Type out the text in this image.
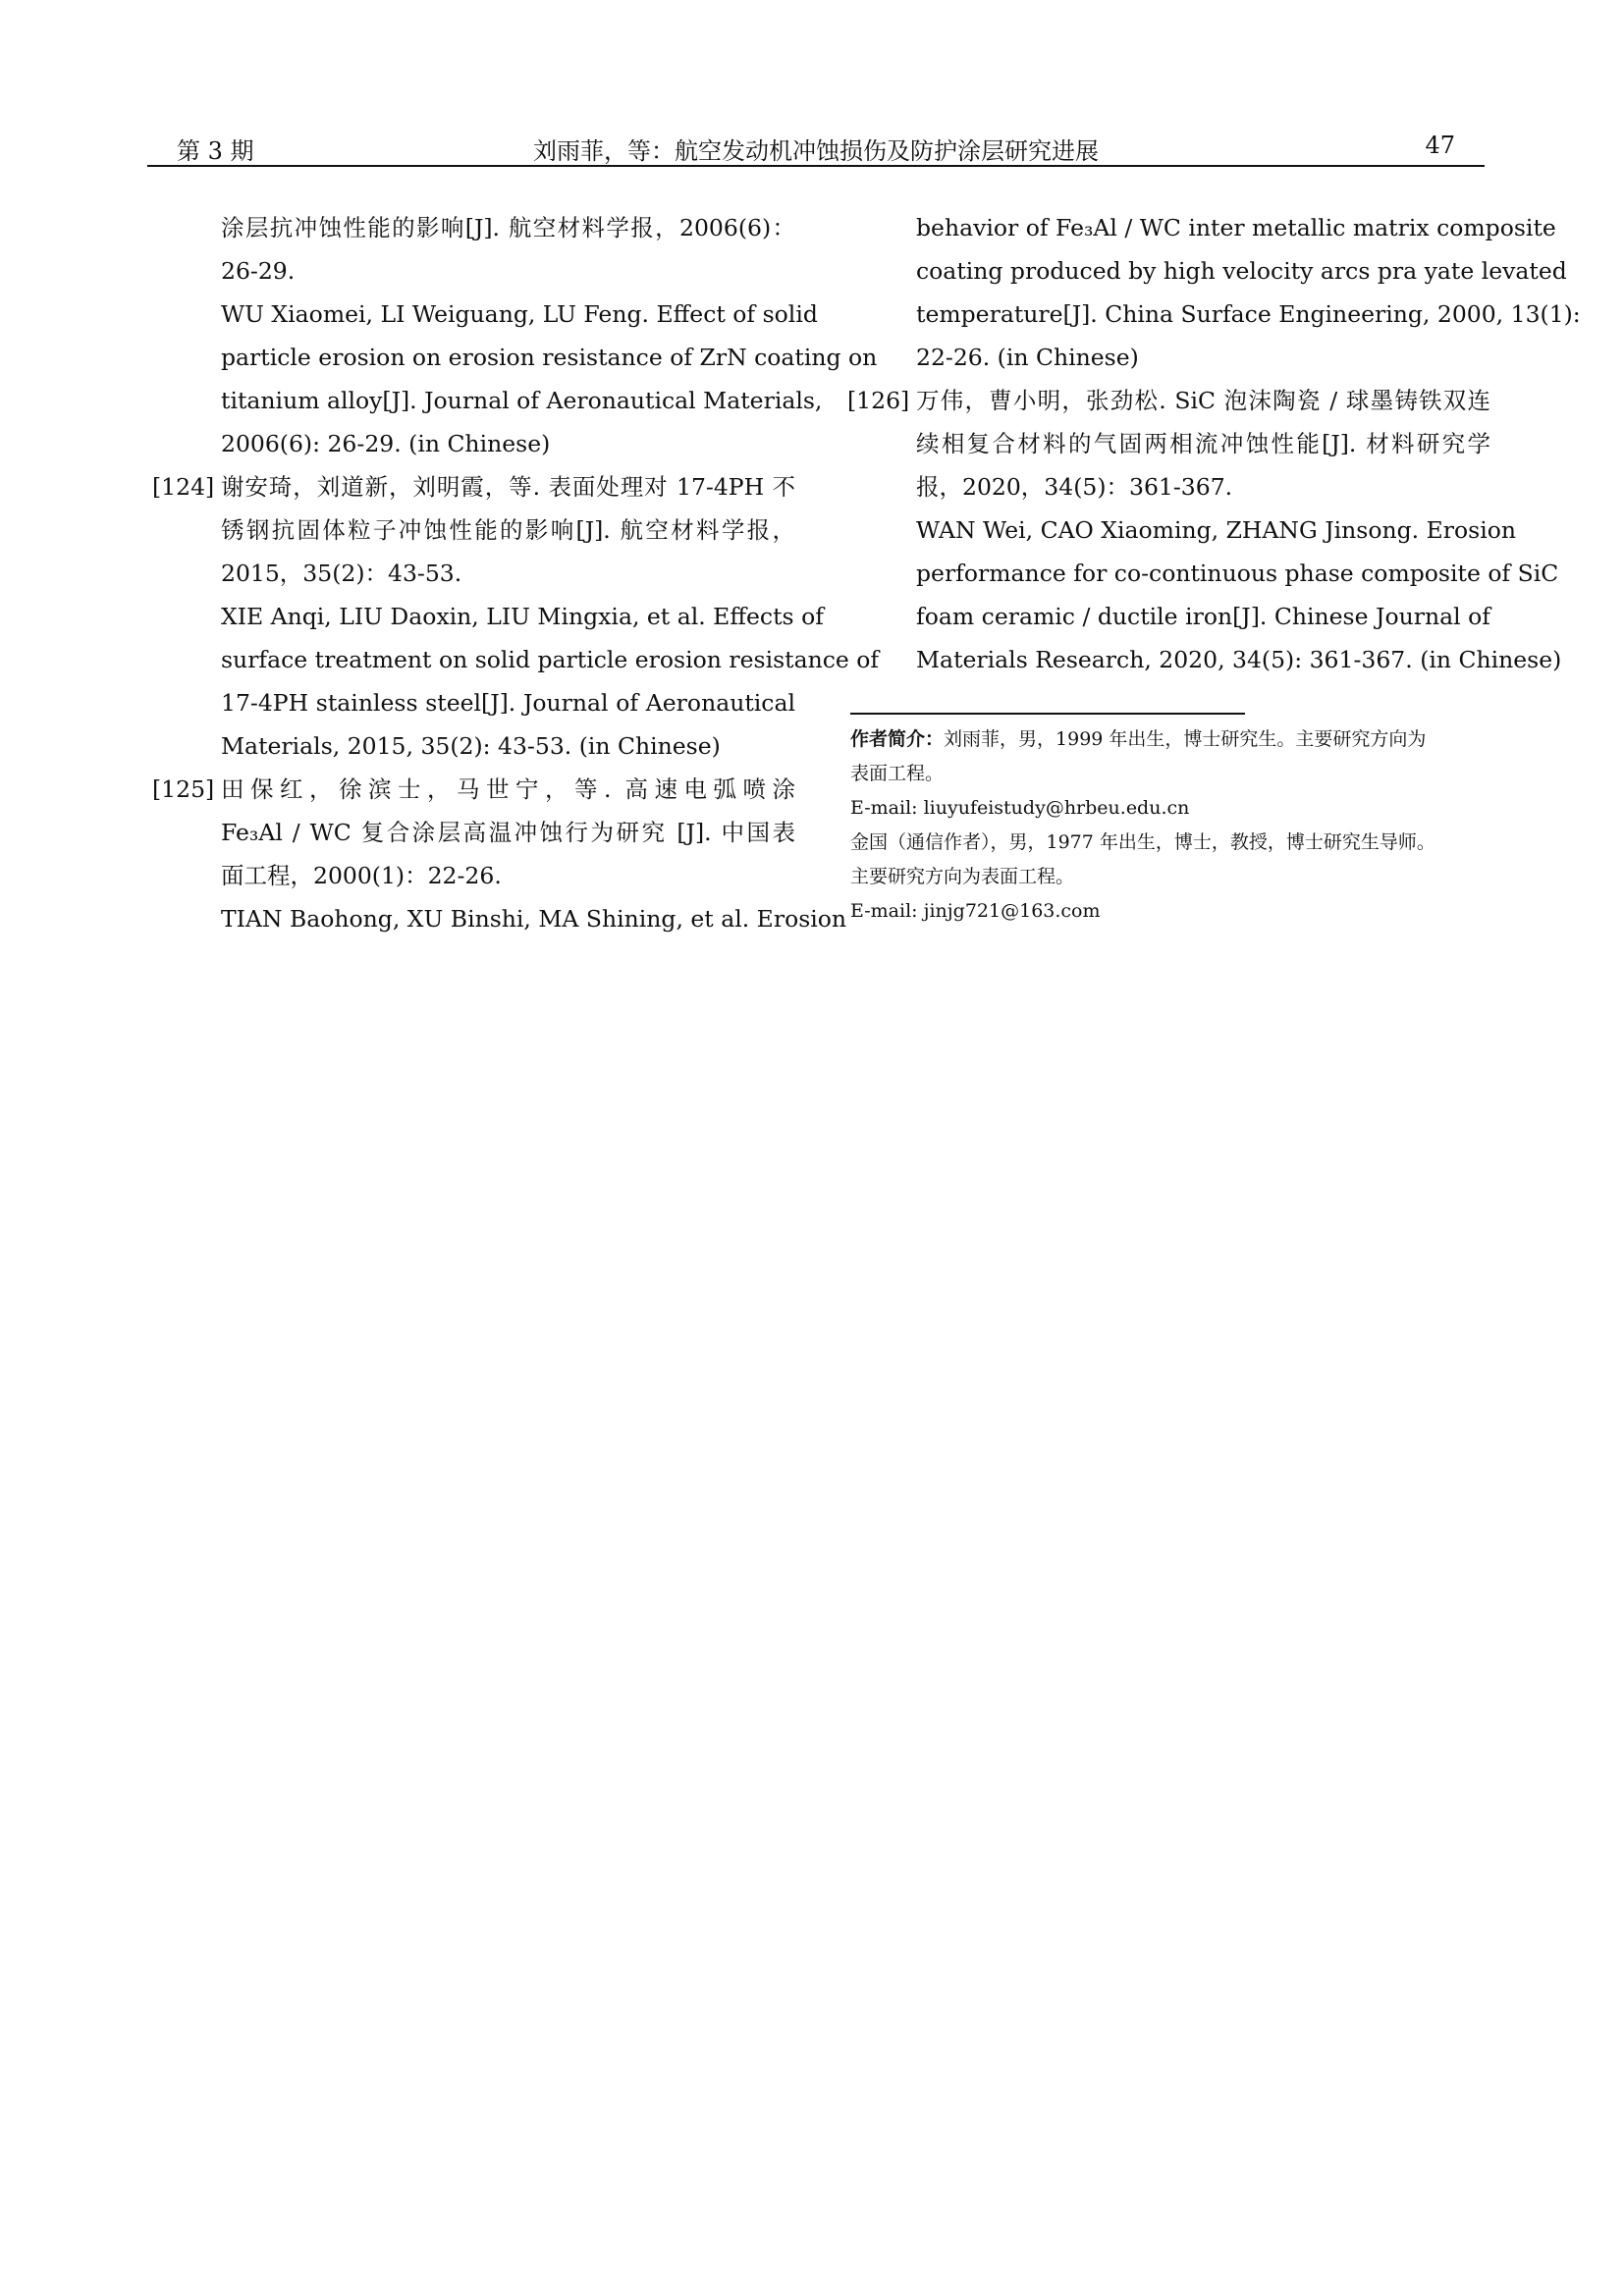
第 3 期	刘雨菲，等：航空发动机冲蚀损伤及防护涂层研究进展	47
涂层抗冲蚀性能的影响[J]. 航空材料学报，2006(6)：
26-29.
WU Xiaomei, LI Weiguang, LU Feng. Effect of solid
particle erosion on erosion resistance of ZrN coating on
titanium alloy[J]. Journal of Aeronautical Materials,
2006(6): 26-29. (in Chinese)
[124] 谢安琦，刘道新，刘明霞，等. 表面处理对 17-4PH 不
锈钢抗固体粒子冲蚀性能的影响[J]. 航空材料学报，
2015，35(2)：43-53.
XIE Anqi, LIU Daoxin, LIU Mingxia, et al. Effects of
surface treatment on solid particle erosion resistance of
17-4PH stainless steel[J]. Journal of Aeronautical
Materials, 2015, 35(2): 43-53. (in Chinese)
[125] 田保红，徐滨士，马世宁，等. 高速电弧喷涂
Fe₃Al / WC 复合涂层高温冲蚀行为研究 [J]. 中国表
面工程，2000(1)：22-26.
TIAN Baohong, XU Binshi, MA Shining, et al. Erosion
behavior of Fe₃Al / WC inter metallic matrix composite
coating produced by high velocity arcs pra yate levated
temperature[J]. China Surface Engineering, 2000, 13(1):
22-26. (in Chinese)
[126] 万伟，曹小明，张劲松. SiC 泡沫陶瓷 / 球墨铸铁双连
续相复合材料的气固两相流冲蚀性能[J]. 材料研究学
报，2020，34(5)：361-367.
WAN Wei, CAO Xiaoming, ZHANG Jinsong. Erosion
performance for co-continuous phase composite of SiC
foam ceramic / ductile iron[J]. Chinese Journal of
Materials Research, 2020, 34(5): 361-367. (in Chinese)
作者简介：刘雨菲，男，1999 年出生，博士研究生。主要研究方向为
表面工程。
E-mail: liuyufeistudy@hrbeu.edu.cn
金国（通信作者），男，1977 年出生，博士，教授，博士研究生导师。
主要研究方向为表面工程。
E-mail: jinjg721@163.com
